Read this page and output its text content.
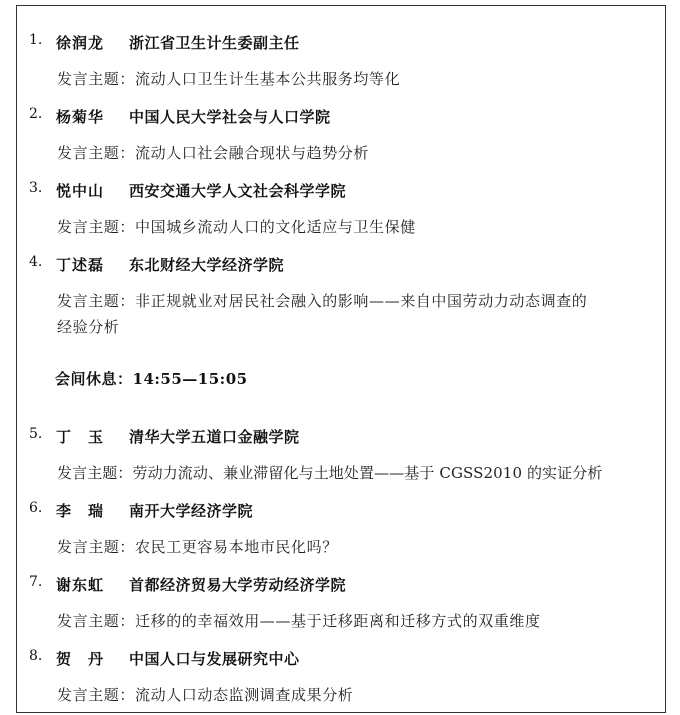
1. 徐润龙 浙江省卫生计生委副主任
发言主题：流动人口卫生计生基本公共服务均等化
2. 杨菊华 中国人民大学社会与人口学院
发言主题：流动人口社会融合现状与趋势分析
3. 悦中山 西安交通大学人文社会科学学院
发言主题：中国城乡流动人口的文化适应与卫生保健
4. 丁述磊 东北财经大学经济学院
发言主题：非正规就业对居民社会融入的影响——来自中国劳动力动态调查的
经验分析
会间休息：14:55—15:05
5. 丁　玉 清华大学五道口金融学院
发言主题：劳动力流动、兼业滞留化与土地处置——基于 CGSS2010 的实证分析
6. 李　瑞 南开大学经济学院
发言主题：农民工更容易本地市民化吗？
7. 谢东虹 首都经济贸易大学劳动经济学院
发言主题：迁移的的幸福效用——基于迁移距离和迁移方式的双重维度
8. 贺　丹 中国人口与发展研究中心
发言主题：流动人口动态监测调查成果分析
